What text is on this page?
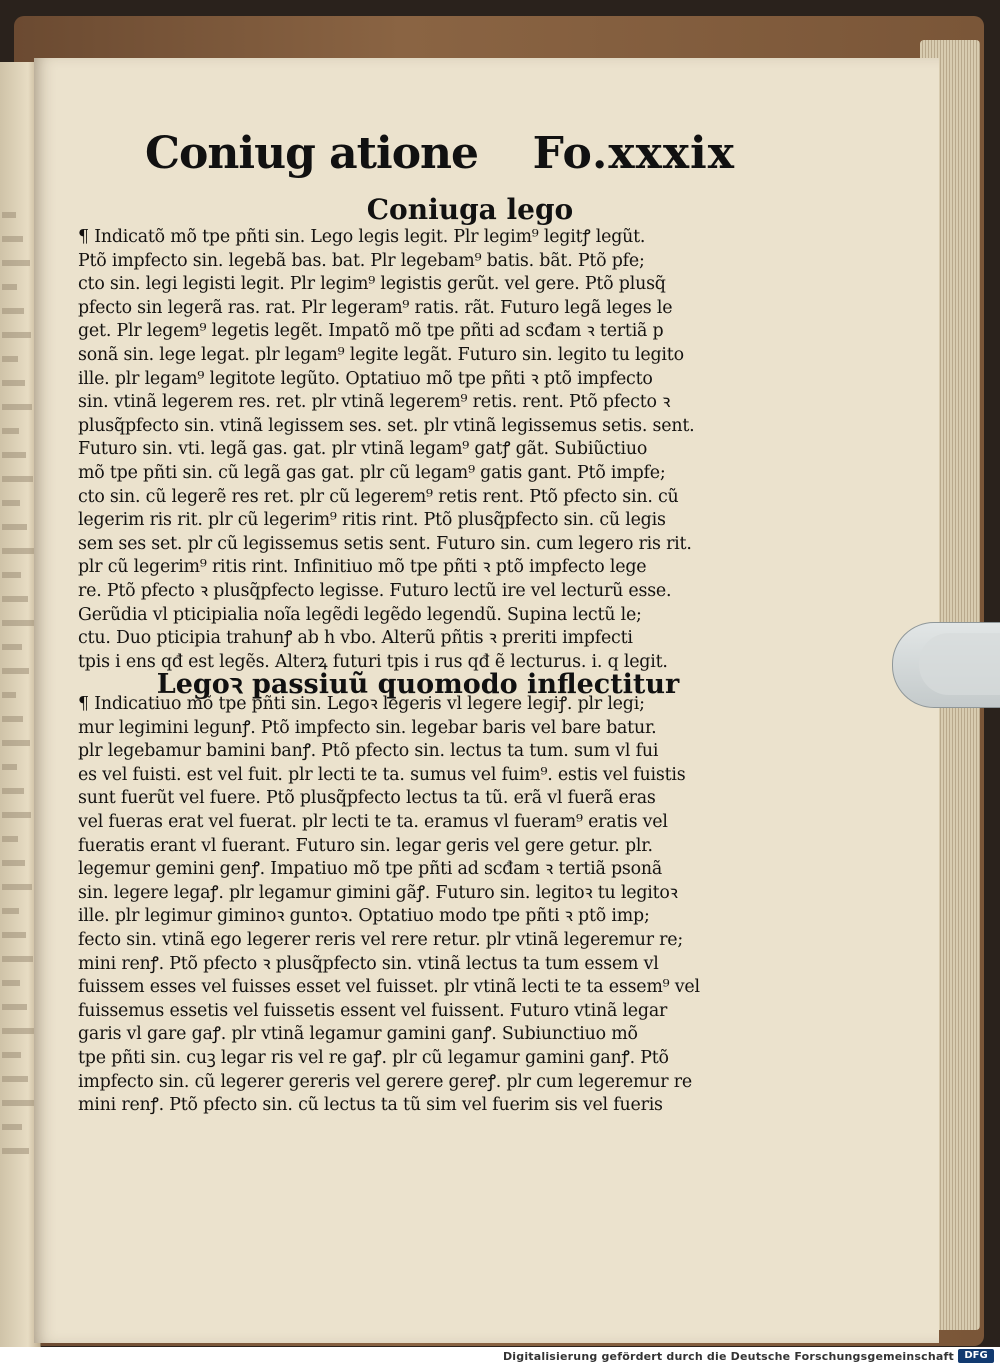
Coniug atione Fo.xxxix
Coniuga lego
¶ Indicatõ mõ tpe pñti sin. Lego legis legit. Plr legim⁹ legitꝭ legũt.
Ptõ impfecto sin. legebã bas. bat. Plr legebam⁹ batis. bãt. Ptõ pfe;
cto sin. legi legisti legit. Plr legim⁹ legistis gerũt. vel gere. Ptõ plusq̃
pfecto sin legerã ras. rat. Plr legeram⁹ ratis. rãt. Futuro legã leges le
get. Plr legem⁹ legetis legẽt. Impatõ mõ tpe pñti ad scđam ꝛ tertiã p
sonã sin. lege legat. plr legam⁹ legite legãt. Futuro sin. legito tu legito
ille. plr legam⁹ legitote legũto. Optatiuo mõ tpe pñti ꝛ ptõ impfecto
sin. vtinã legerem res. ret. plr vtinã legerem⁹ retis. rent. Ptõ pfecto ꝛ
plusq̃pfecto sin. vtinã legissem ses. set. plr vtinã legissemus setis. sent.
Futuro sin. vti. legã gas. gat. plr vtinã legam⁹ gatꝭ gãt. Subiũctiuo
mõ tpe pñti sin. cũ legã gas gat. plr cũ legam⁹ gatis gant. Ptõ impfe;
cto sin. cũ legerẽ res ret. plr cũ legerem⁹ retis rent. Ptõ pfecto sin. cũ
legerim ris rit. plr cũ legerim⁹ ritis rint. Ptõ plusq̃pfecto sin. cũ legis
sem ses set. plr cũ legissemus setis sent. Futuro sin. cum legero ris rit.
plr cũ legerim⁹ ritis rint. Infinitiuo mõ tpe pñti ꝛ ptõ impfecto lege
re. Ptõ pfecto ꝛ plusq̃pfecto legisse. Futuro lectũ ire vel lecturũ esse.
Gerũdia vl pticipialia noĩa legẽdi legẽdo legendũ. Supina lectũ le;
ctu. Duo pticipia trahunꝭ ab h vbo. Alterũ pñtis ꝛ preriti impfecti
tpis i ens qđ est legẽs. Alterꝝ futuri tpis i rus qđ ẽ lecturus. i. q legit.
Legoꝛ passiuũ quomodo inflectitur
¶ Indicatiuo mõ tpe pñti sin. Legoꝛ legeris vl legere legiꝭ. plr legi;
mur legimini legunꝭ. Ptõ impfecto sin. legebar baris vel bare batur.
plr legebamur bamini banꝭ. Ptõ pfecto sin. lectus ta tum. sum vl fui
es vel fuisti. est vel fuit. plr lecti te ta. sumus vel fuim⁹. estis vel fuistis
sunt fuerũt vel fuere. Ptõ plusq̃pfecto lectus ta tũ. erã vl fuerã eras
vel fueras erat vel fuerat. plr lecti te ta. eramus vl fueram⁹ eratis vel
fueratis erant vl fuerant. Futuro sin. legar geris vel gere getur. plr.
legemur gemini genꝭ. Impatiuo mõ tpe pñti ad scđam ꝛ tertiã psonã
sin. legere legaꝭ. plr legamur gimini gãꝭ. Futuro sin. legitoꝛ tu legitoꝛ
ille. plr legimur giminoꝛ guntoꝛ. Optatiuo modo tpe pñti ꝛ ptõ imp;
fecto sin. vtinã ego legerer reris vel rere retur. plr vtinã legeremur re;
mini renꝭ. Ptõ pfecto ꝛ plusq̃pfecto sin. vtinã lectus ta tum essem vl
fuissem esses vel fuisses esset vel fuisset. plr vtinã lecti te ta essem⁹ vel
fuissemus essetis vel fuissetis essent vel fuissent. Futuro vtinã legar
garis vl gare gaꝭ. plr vtinã legamur gamini ganꝭ. Subiunctiuo mõ
tpe pñti sin. cuꝫ legar ris vel re gaꝭ. plr cũ legamur gamini ganꝭ. Ptõ
impfecto sin. cũ legerer gereris vel gerere gereꝭ. plr cum legeremur re
mini renꝭ. Ptõ pfecto sin. cũ lectus ta tũ sim vel fuerim sis vel fueris
Digitalisierung gefördert durch die Deutsche Forschungsgemeinschaft	DFG
